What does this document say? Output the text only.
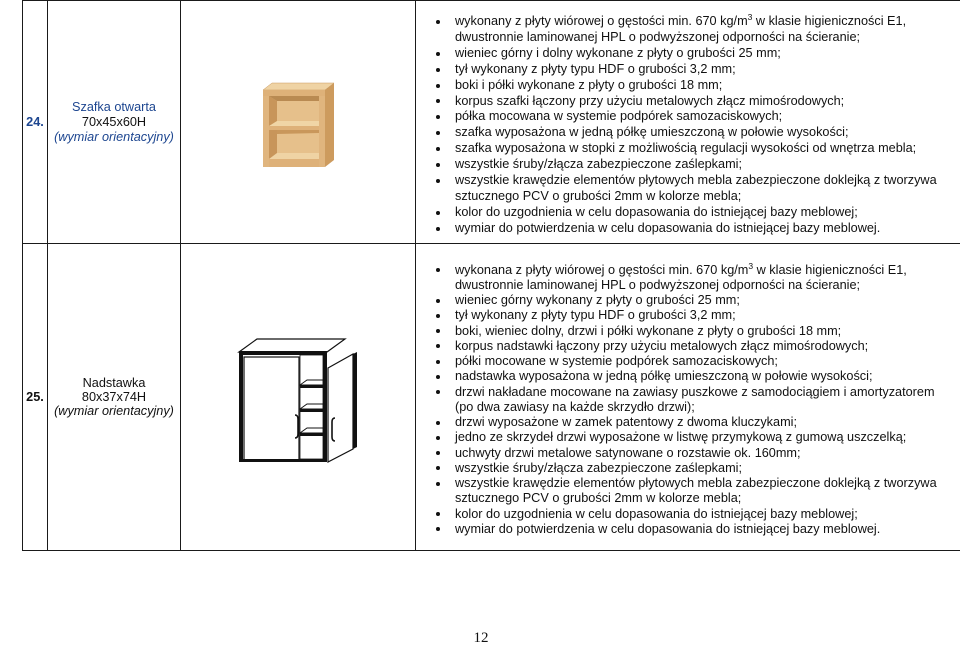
24.
Szafka otwarta
70x45x60H
(wymiar orientacyjny)
wykonany z płyty wiórowej o gęstości min. 670 $kg/m^3$ w klasie higieniczności E1,
dwustronnie laminowanej HPL o podwyższonej odporności na ścieranie;
wieniec górny i dolny wykonane z płyty o grubości 25 mm;
tył wykonany z płyty typu HDF o grubości 3,2 mm;
boki i półki wykonane z płyty o grubości 18 mm;
korpus szafki łączony przy użyciu metalowych złącz mimośrodowych;
półka mocowana w systemie podpórek samozaciskowych;
szafka wyposażona w jedną półkę umieszczoną w połowie wysokości;
szafka wyposażona w stopki z możliwością regulacji wysokości od wnętrza mebla;
wszystkie śruby/złącza zabezpieczone zaślepkami;
wszystkie krawędzie elementów płytowych mebla zabezpieczone doklejką z tworzywa
sztucznego PCV o grubości 2mm w kolorze mebla;
kolor do uzgodnienia w celu dopasowania do istniejącej bazy meblowej;
wymiar do potwierdzenia w celu dopasowania do istniejącej bazy meblowej.
25.
Nadstawka
80x37x74H
(wymiar orientacyjny)
wykonana z płyty wiórowej o gęstości min. 670 $kg/m^3$ w klasie higieniczności E1,
dwustronnie laminowanej HPL o podwyższonej odporności na ścieranie;
wieniec górny wykonany z płyty o grubości 25 mm;
tył wykonany z płyty typu HDF o grubości 3,2 mm;
boki, wieniec dolny, drzwi i półki wykonane z płyty o grubości 18 mm;
korpus nadstawki łączony przy użyciu metalowych złącz mimośrodowych;
półki mocowane w systemie podpórek samozaciskowych;
nadstawka wyposażona w jedną półkę umieszczoną w połowie wysokości;
drzwi nakładane mocowane na zawiasy puszkowe z samodociągiem i amortyzatorem
(po dwa zawiasy na każde skrzydło drzwi);
drzwi wyposażone w zamek patentowy z dwoma kluczykami;
jedno ze skrzydeł drzwi wyposażone w listwę przymykową z gumową uszczelką;
uchwyty drzwi metalowe satynowane o rozstawie ok. 160mm;
wszystkie śruby/złącza zabezpieczone zaślepkami;
wszystkie krawędzie elementów płytowych mebla zabezpieczone doklejką z tworzywa
sztucznego PCV o grubości 2mm w kolorze mebla;
kolor do uzgodnienia w celu dopasowania do istniejącej bazy meblowej;
wymiar do potwierdzenia w celu dopasowania do istniejącej bazy meblowej.
12
